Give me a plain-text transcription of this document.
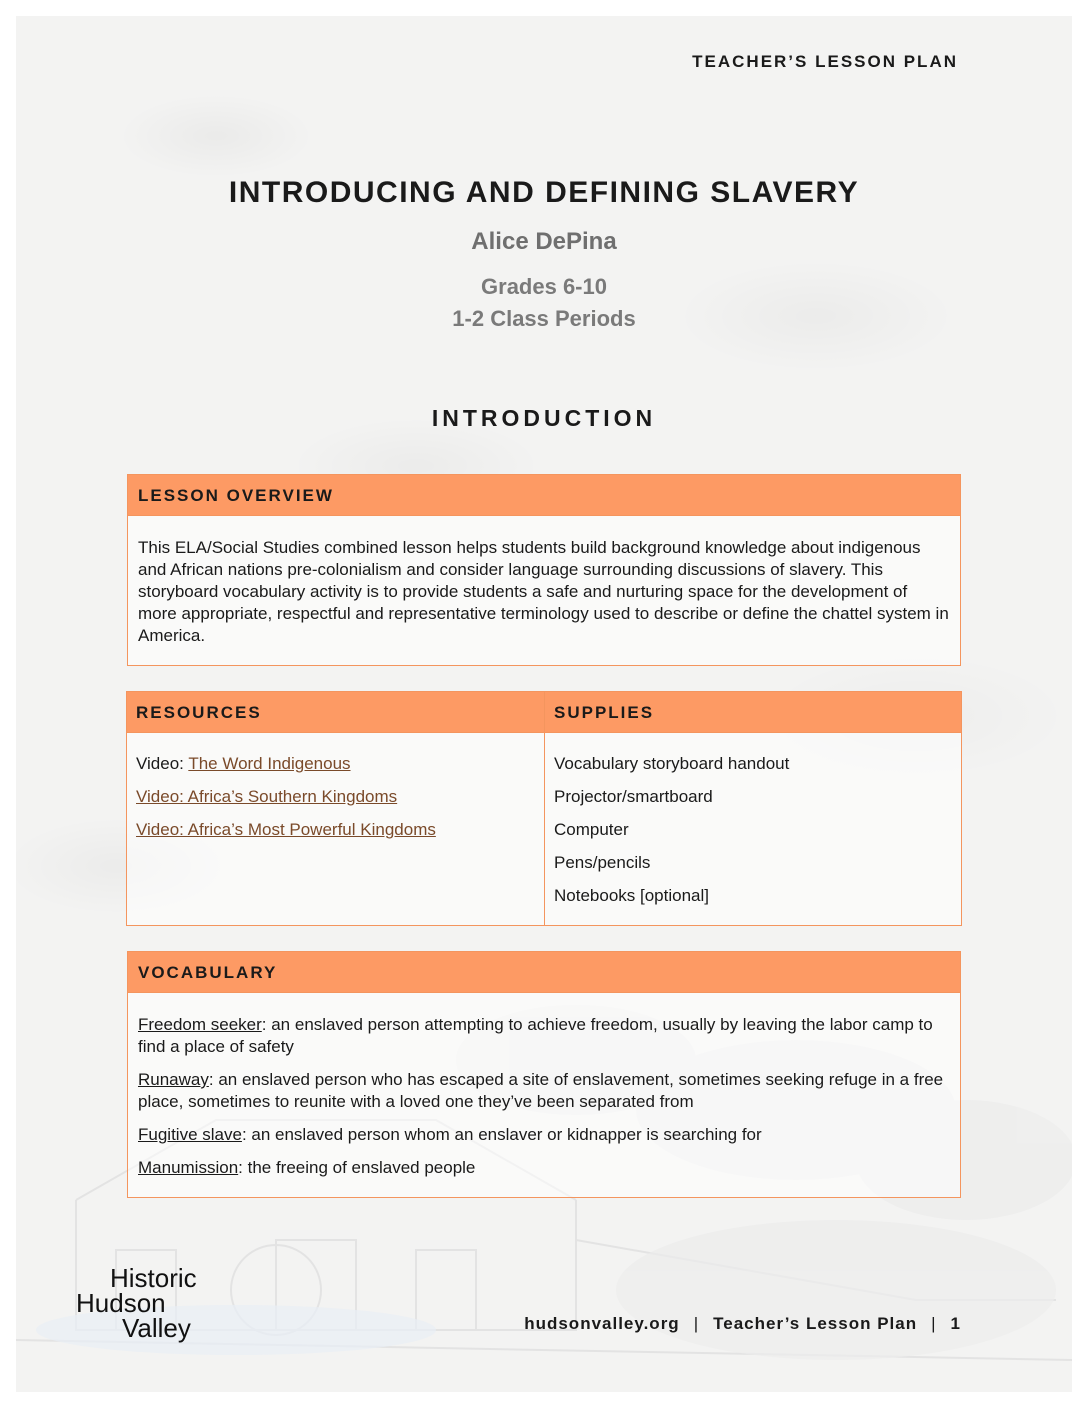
TEACHER’S LESSON PLAN
INTRODUCING AND DEFINING SLAVERY
Alice DePina
Grades 6-10
1-2 Class Periods
INTRODUCTION
LESSON OVERVIEW
This ELA/Social Studies combined lesson helps students build background knowledge about indigenous and African nations pre-colonialism and consider language surrounding discussions of slavery. This storyboard vocabulary activity is to provide students a safe and nurturing space for the development of more appropriate, respectful and representative terminology used to describe or define the chattel system in America.
RESOURCES
Video: The Word Indigenous
Video: Africa’s Southern Kingdoms
Video: Africa’s Most Powerful Kingdoms
SUPPLIES
Vocabulary storyboard handout
Projector/smartboard
Computer
Pens/pencils
Notebooks [optional]
VOCABULARY
Freedom seeker: an enslaved person attempting to achieve freedom, usually by leaving the labor camp to find a place of safety
Runaway: an enslaved person who has escaped a site of enslavement, sometimes seeking refuge in a free place, sometimes to reunite with a loved one they’ve been separated from
Fugitive slave: an enslaved person whom an enslaver or kidnapper is searching for
Manumission: the freeing of enslaved people
Historic
Hudson
Valley	hudsonvalley.org | Teacher’s Lesson Plan | 1
